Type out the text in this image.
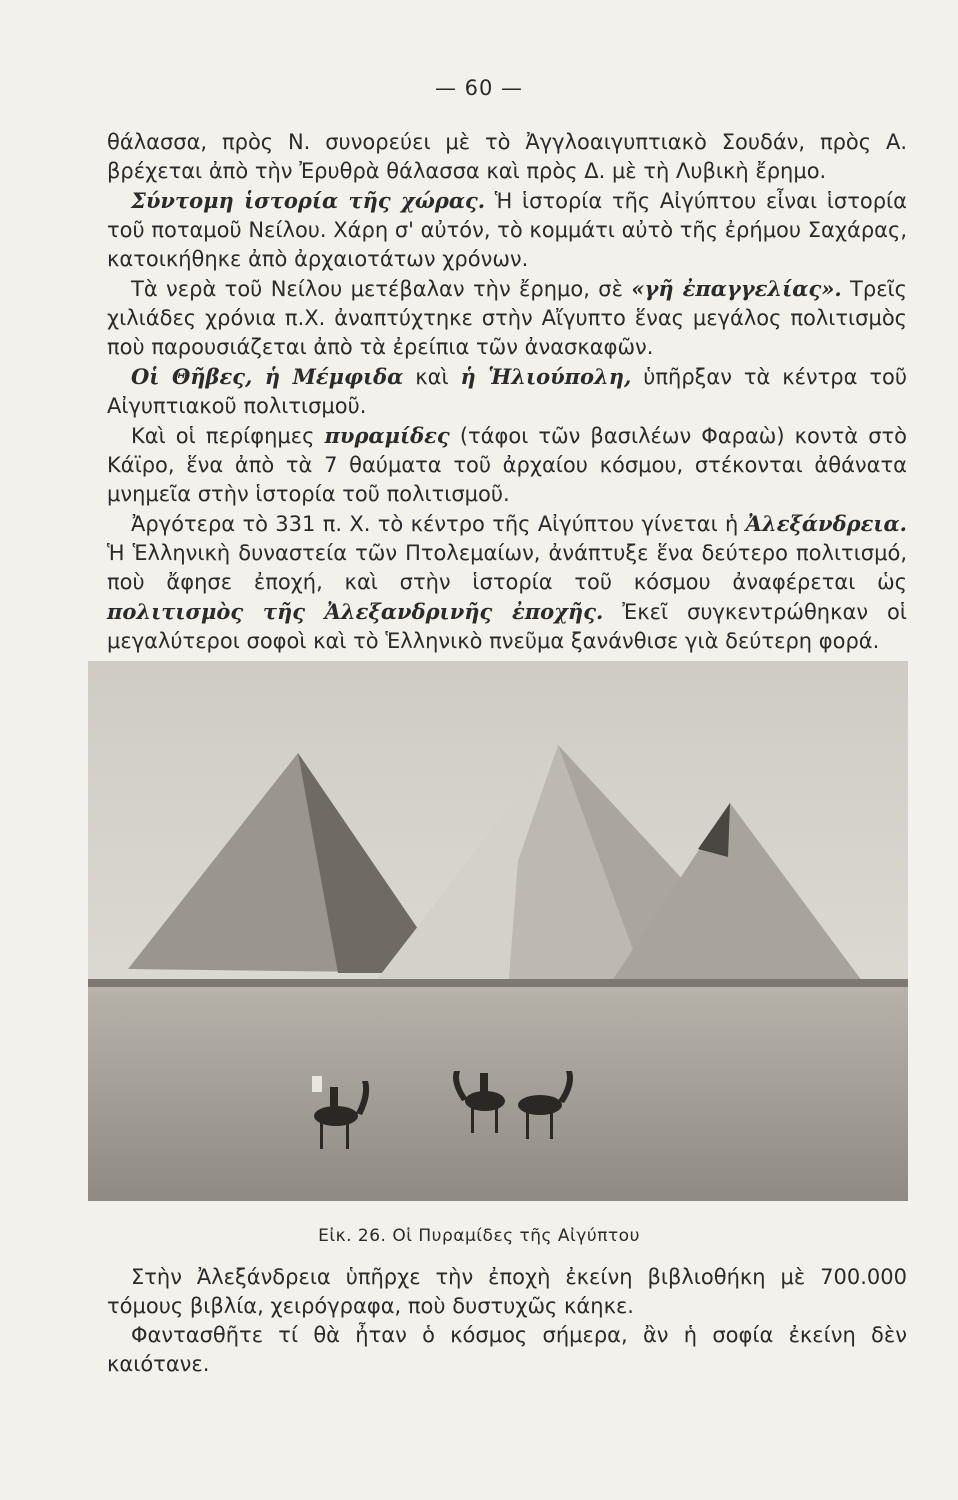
— 60 —

θάλασσα, πρὸς Ν. συνορεύει μὲ τὸ Ἀγγλοαιγυπτιακὸ Σουδάν, πρὸς Α. βρέχεται ἀπὸ τὴν Ἐρυθρὰ θάλασσα καὶ πρὸς Δ. μὲ τὴ Λυβικὴ ἔρημο.

Σύντομη ἱστορία τῆς χώρας. Ἡ ἱστορία τῆς Αἰγύπτου εἶναι ἱστορία τοῦ ποταμοῦ Νείλου. Χάρη σ' αὐτόν, τὸ κομμάτι αὐτὸ τῆς ἐρήμου Σαχάρας, κατοικήθηκε ἀπὸ ἀρχαιοτάτων χρόνων.

Τὰ νερὰ τοῦ Νείλου μετέβαλαν τὴν ἔρημο, σὲ «γῆ ἐπαγγελίας». Τρεῖς χιλιάδες χρόνια π.Χ. ἀναπτύχτηκε στὴν Αἴγυπτο ἕνας μεγάλος πολιτισμὸς ποὺ παρουσιάζεται ἀπὸ τὰ ἐρείπια τῶν ἀνασκαφῶν.

Οἱ Θῆβες, ἡ Μέμφιδα καὶ ἡ Ἡλιούπολη, ὑπῆρξαν τὰ κέντρα τοῦ Αἰγυπτιακοῦ πολιτισμοῦ.

Καὶ οἱ περίφημες πυραμίδες (τάφοι τῶν βασιλέων Φαραὼ) κοντὰ στὸ Κάϊρο, ἕνα ἀπὸ τὰ 7 θαύματα τοῦ ἀρχαίου κόσμου, στέκονται ἀθάνατα μνημεῖα στὴν ἱστορία τοῦ πολιτισμοῦ.

Ἀργότερα τὸ 331 π. Χ. τὸ κέντρο τῆς Αἰγύπτου γίνεται ἡ Ἀλεξάνδρεια. Ἡ Ἑλληνικὴ δυναστεία τῶν Πτολεμαίων, ἀνάπτυξε ἕνα δεύτερο πολιτισμό, ποὺ ἄφησε ἐποχή, καὶ στὴν ἱστορία τοῦ κόσμου ἀναφέρεται ὡς πολιτισμὸς τῆς Ἀλεξανδρινῆς ἐποχῆς. Ἐκεῖ συγκεντρώθηκαν οἱ μεγαλύτεροι σοφοὶ καὶ τὸ Ἑλληνικὸ πνεῦμα ξανάνθισε γιὰ δεύτερη φορά.

Εἰκ. 26. Οἱ Πυραμίδες τῆς Αἰγύπτου

Στὴν Ἀλεξάνδρεια ὑπῆρχε τὴν ἐποχὴ ἐκείνη βιβλιοθήκη μὲ 700.000 τόμους βιβλία, χειρόγραφα, ποὺ δυστυχῶς κάηκε.

Φαντασθῆτε τί θὰ ἦταν ὁ κόσμος σήμερα, ἂν ἡ σοφία ἐκείνη δὲν καιότανε.
